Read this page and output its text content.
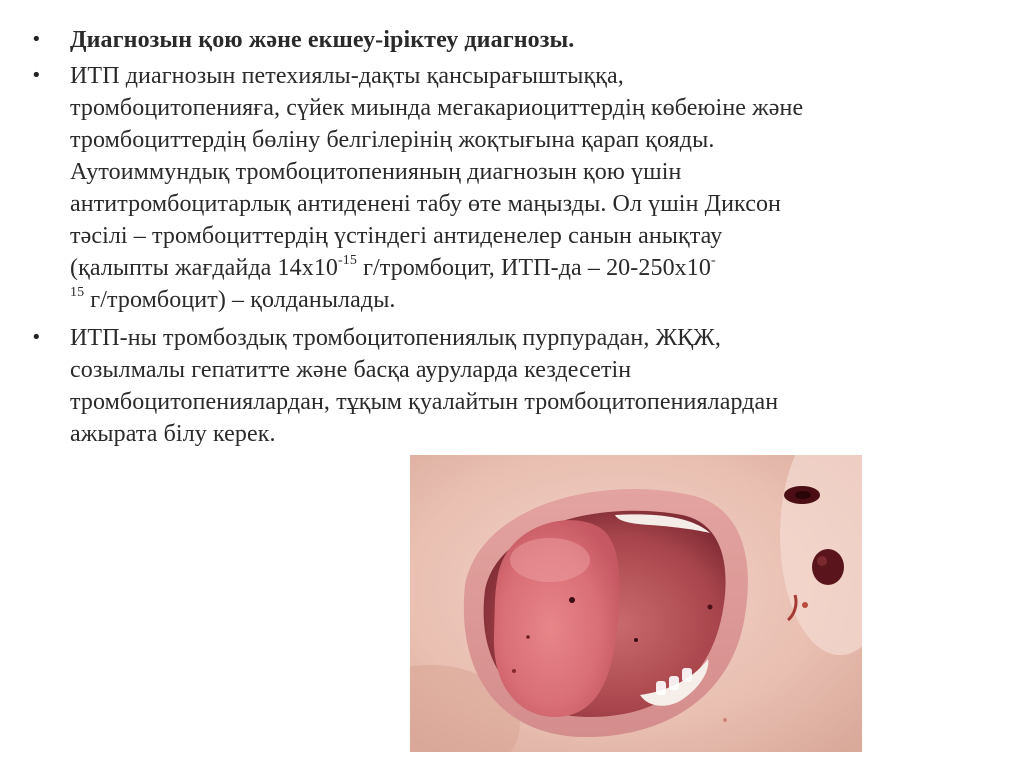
• Диагнозын қою және екшеу-іріктеу диагнозы.
• ИТП диагнозын петехиялы-дақты қансырағыштыққа,
тромбоцитопенияға, сүйек миында мегакариоциттердің көбеюіне және
тромбоциттердің бөліну белгілерінің жоқтығына қарап қояды.
Аутоиммундық тромбоцитопенияның диагнозын қою үшін
антитромбоцитарлық антиденені табу өте маңызды. Ол үшін Диксон
тәсілі – тромбоциттердің үстіндегі антиденелер санын анықтау
(қалыпты жағдайда $14х10^{-15}$ г/тромбоцит, ИТП-да – 20-250х10-
$^{15}$ г/тромбоцит) – қолданылады.
• ИТП-ны тромбоздық тромбоцитопениялық пурпурадан, ЖҚЖ,
созылмалы гепатитте және басқа ауруларда кездесетін
тромбоцитопениялардан, тұқым қуалайтын тромбоцитопениялардан
ажырата білу керек.
